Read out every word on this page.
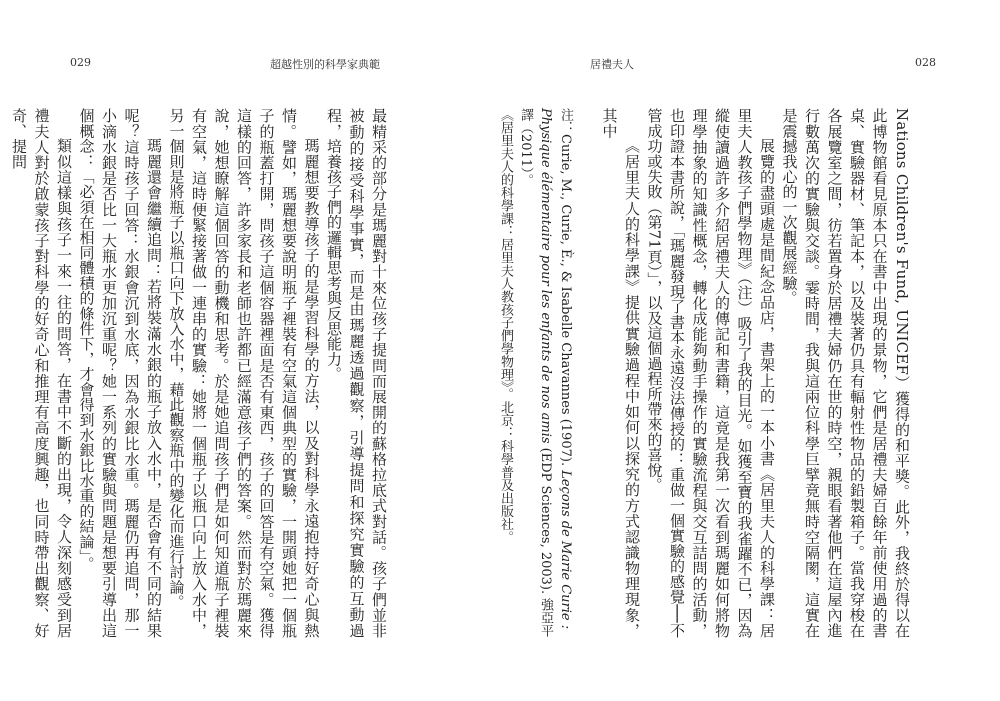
029	超越性別的科學家典範

最精采的部分是瑪麗對十來位孩子提問而展開的蘇格拉底式對話。孩子們並非被動的接受科學事實，而是由瑪麗透過觀察，引導提問和探究實驗的互動過程，培養孩子們的邏輯思考與反思能力。

瑪麗想要教導孩子的是學習科學的方法，以及對科學永遠抱持好奇心與熱情。譬如，瑪麗想要說明瓶子裡裝有空氣這個典型的實驗，一開頭她把一個瓶子的瓶蓋打開，問孩子這個容器裡面是否有東西，孩子的回答是有空氣。獲得這樣的回答，許多家長和老師也許都已經滿意孩子們的答案。然而對於瑪麗來說，她想瞭解這個回答的動機和思考。於是她追問孩子們是如何知道瓶子裡裝有空氣，這時便緊接著做一連串的實驗：她將一個瓶子以瓶口向上放入水中，另一個則是將瓶子以瓶口向下放入水中，藉此觀察瓶中的變化而進行討論。

瑪麗還會繼續追問：若將裝滿水銀的瓶子放入水中，是否會有不同的結果呢？這時孩子回答：水銀會沉到水底，因為水銀比水重。瑪麗仍再追問，那一小滴水銀是否比一大瓶水更加沉重呢？她一系列的實驗與問題是想要引導出這個概念：「必須在相同體積的條件下，才會得到水銀比水重的結論」。

類似這樣與孩子一來一往的問答，在書中不斷的出現，令人深刻感受到居禮夫人對於啟蒙孩子對科學的好奇心和推理有高度興趣，也同時帶出觀察、好奇、提問

居禮夫人	028

Nations Children's Fund, UNICEF）獲得的和平獎。此外，我終於得以在此博物館看見原本只在書中出現的景物，它們是居禮夫婦百餘年前使用過的書桌、實驗器材、筆記本，以及裝著仍具有輻射性物品的鉛製箱子。當我穿梭在各展覽室之間，彷若置身於居禮夫婦仍在世的時空，親眼看著他們在這屋內進行數萬次的實驗與交談。霎時間，我與這兩位科學巨擘竟無時空隔閡，這實在是震撼我心的一次觀展經驗。

展覽的盡頭處是間紀念品店，書架上的一本小書《居里夫人的科學課：居里夫人教孩子們學物理》（注）吸引了我的目光。如獲至寶的我雀躍不已，因為縱使讀過許多介紹居禮夫人的傳記和書籍，這竟是我第一次看到瑪麗如何將物理學抽象的知識性概念，轉化成能夠動手操作的實驗流程與交互詰問的活動，也印證本書所說，「瑪麗發現了書本永遠沒法傳授的：重做一個實驗的感覺──不管成功或失敗（第71頁）」，以及這個過程所帶來的喜悅。

《居里夫人的科學課》提供實驗過程中如何以探究的方式認識物理現象，其中

注：Curie, M., Curie, È., & Isabelle Chavannes (1907). Leçons de Marie Curie : Physique élémentaire pour les enfants de nos amis (EDP Sciences, 2003). 強亞平譯（2011）。

《居里夫人的科學課：居里夫人教孩子們學物理》。北京：科學普及出版社。
